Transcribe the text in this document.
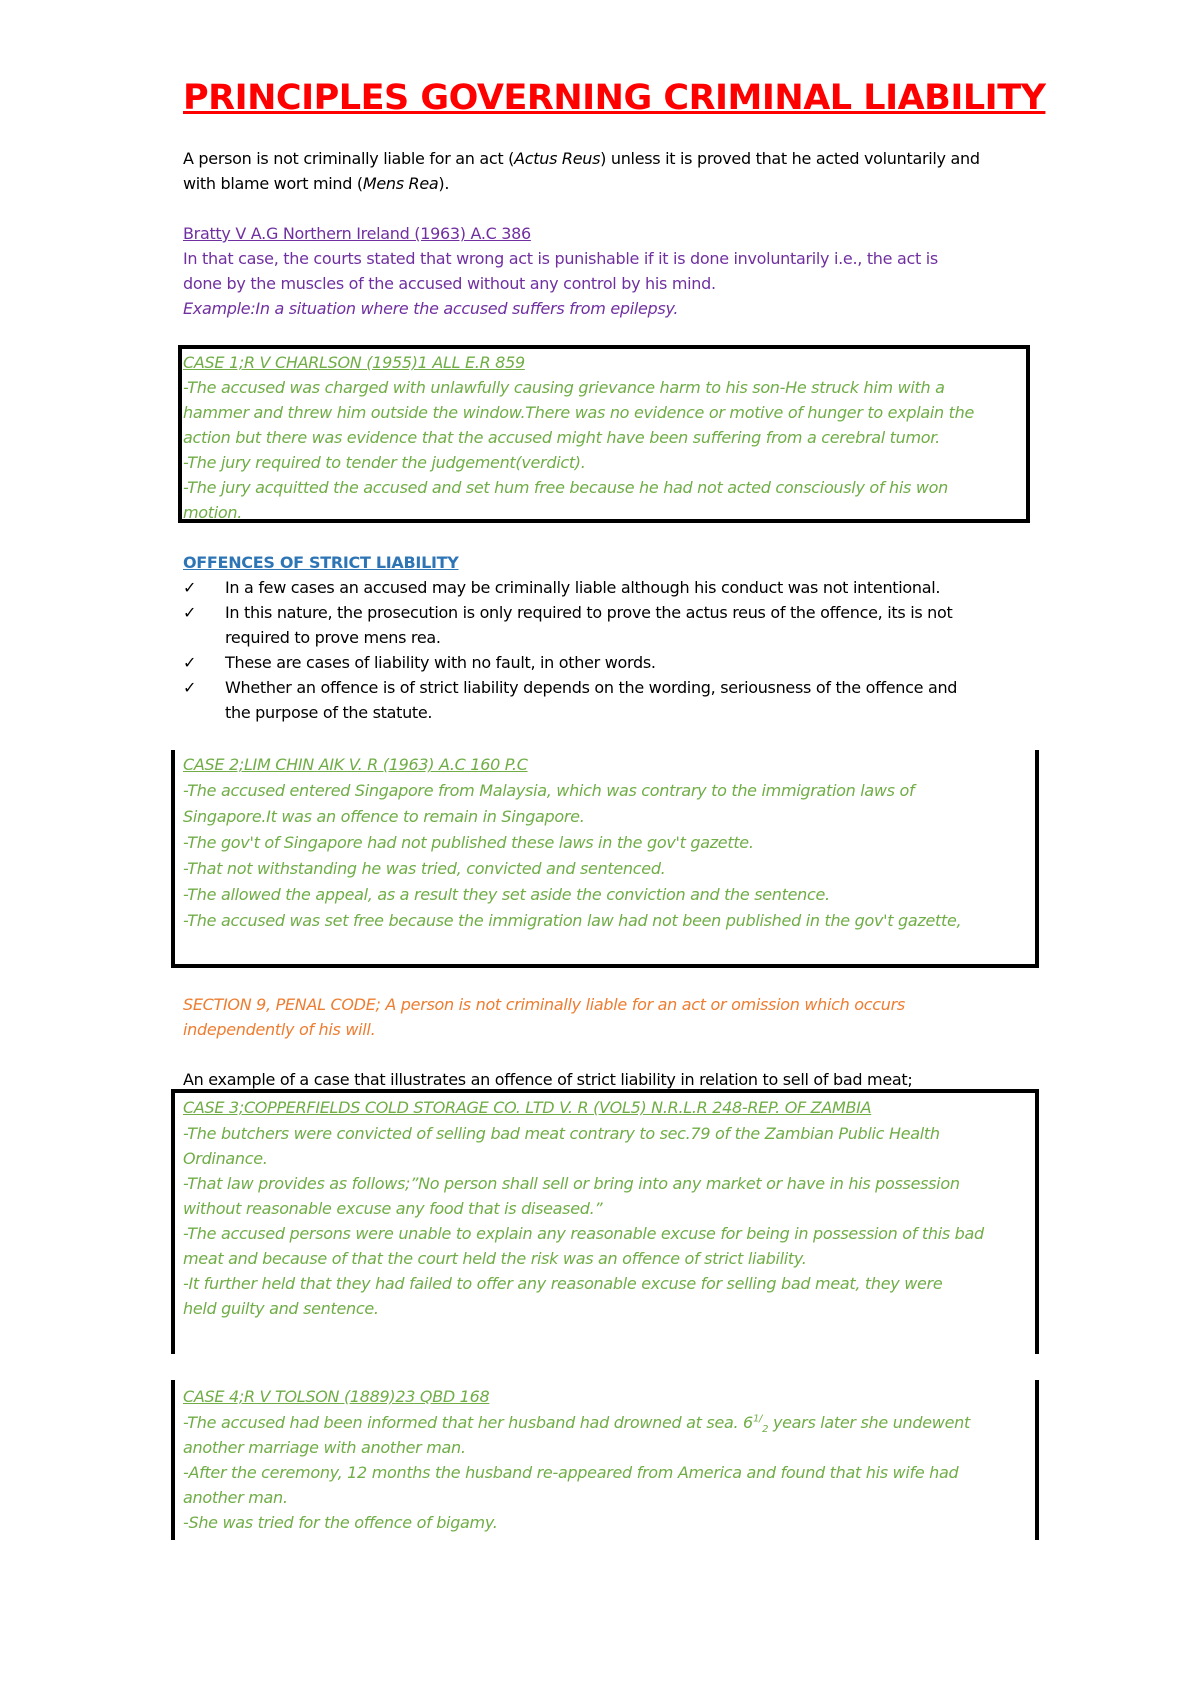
PRINCIPLES GOVERNING CRIMINAL LIABILITY
A person is not criminally liable for an act (Actus Reus) unless it is proved that he acted voluntarily and
with blame wort mind (Mens Rea).
Bratty V A.G Northern Ireland (1963) A.C 386
In that case, the courts stated that wrong act is punishable if it is done involuntarily i.e., the act is
done by the muscles of the accused without any control by his mind.
Example:In a situation where the accused suffers from epilepsy.
CASE 1;R V CHARLSON (1955)1 ALL E.R 859
-The accused was charged with unlawfully causing grievance harm to his son-He struck him with a
hammer and threw him outside the window.There was no evidence or motive of hunger to explain the
action but there was evidence that the accused might have been suffering from a cerebral tumor.
-The jury required to tender the judgement(verdict).
-The jury acquitted the accused and set hum free because he had not acted consciously of his won
motion.
OFFENCES OF STRICT LIABILITY
✓ In a few cases an accused may be criminally liable although his conduct was not intentional.
✓ In this nature, the prosecution is only required to prove the actus reus of the offence, its is not
required to prove mens rea.
✓ These are cases of liability with no fault, in other words.
✓ Whether an offence is of strict liability depends on the wording, seriousness of the offence and
the purpose of the statute.
CASE 2;LIM CHIN AIK V. R (1963) A.C 160 P.C
-The accused entered Singapore from Malaysia, which was contrary to the immigration laws of
Singapore.It was an offence to remain in Singapore.
-The gov't of Singapore had not published these laws in the gov't gazette.
-That not withstanding he was tried, convicted and sentenced.
-The allowed the appeal, as a result they set aside the conviction and the sentence.
-The accused was set free because the immigration law had not been published in the gov't gazette,
SECTION 9, PENAL CODE; A person is not criminally liable for an act or omission which occurs
independently of his will.
An example of a case that illustrates an offence of strict liability in relation to sell of bad meat;
CASE 3;COPPERFIELDS COLD STORAGE CO. LTD V. R (VOL5) N.R.L.R 248-REP. OF ZAMBIA
-The butchers were convicted of selling bad meat contrary to sec.79 of the Zambian Public Health
Ordinance.
-That law provides as follows;”No person shall sell or bring into any market or have in his possession
without reasonable excuse any food that is diseased.”
-The accused persons were unable to explain any reasonable excuse for being in possession of this bad
meat and because of that the court held the risk was an offence of strict liability.
-It further held that they had failed to offer any reasonable excuse for selling bad meat, they were
held guilty and sentence.
CASE 4;R V TOLSON (1889)23 QBD 168
-The accused had been informed that her husband had drowned at sea. $6^{1/}_2$ years later she undewent
another marriage with another man.
-After the ceremony, 12 months the husband re-appeared from America and found that his wife had
another man.
-She was tried for the offence of bigamy.
